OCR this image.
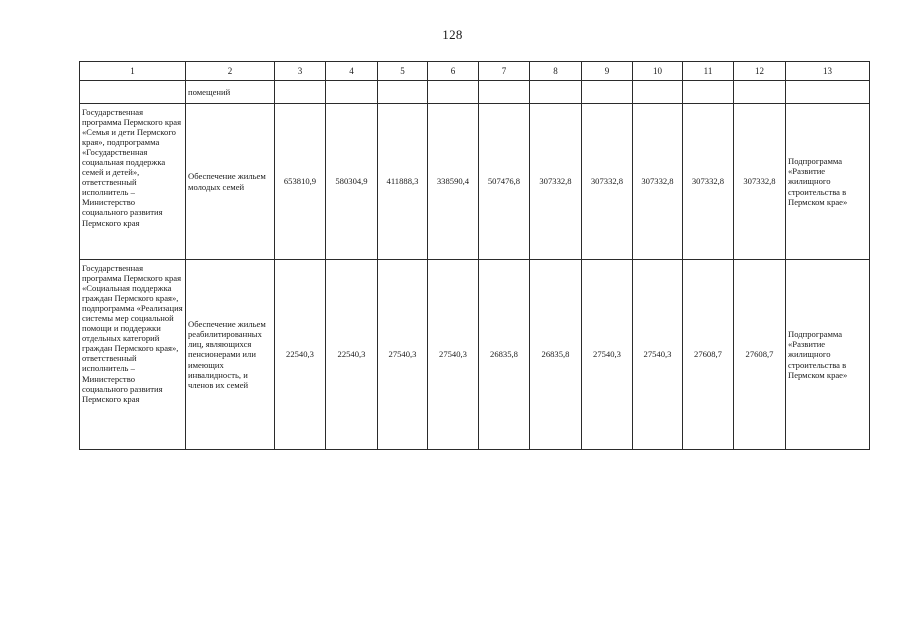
128
1	2	3	4	5	6	7	8	9	10	11	12	13
	помещений											
Государственная программа Пермского края «Семья и дети Пермского края», подпрограмма «Государственная социальная поддержка семей и детей», ответственный исполнитель – Министерство социального развития Пермского края	Обеспечение жильем молодых семей	653810,9	580304,9	411888,3	338590,4	507476,8	307332,8	307332,8	307332,8	307332,8	307332,8	Подпрограмма «Развитие жилищного строительства в Пермском крае»
Государственная программа Пермского края «Социальная поддержка граждан Пермского края», подпрограмма «Реализация системы мер социальной помощи и поддержки отдельных категорий граждан Пермского края», ответственный исполнитель – Министерство социального развития Пермского края	Обеспечение жильем реабилитированных лиц, являющихся пенсионерами или имеющих инвалидность, и членов их семей	22540,3	22540,3	27540,3	27540,3	26835,8	26835,8	27540,3	27540,3	27608,7	27608,7	Подпрограмма «Развитие жилищного строительства в Пермском крае»
